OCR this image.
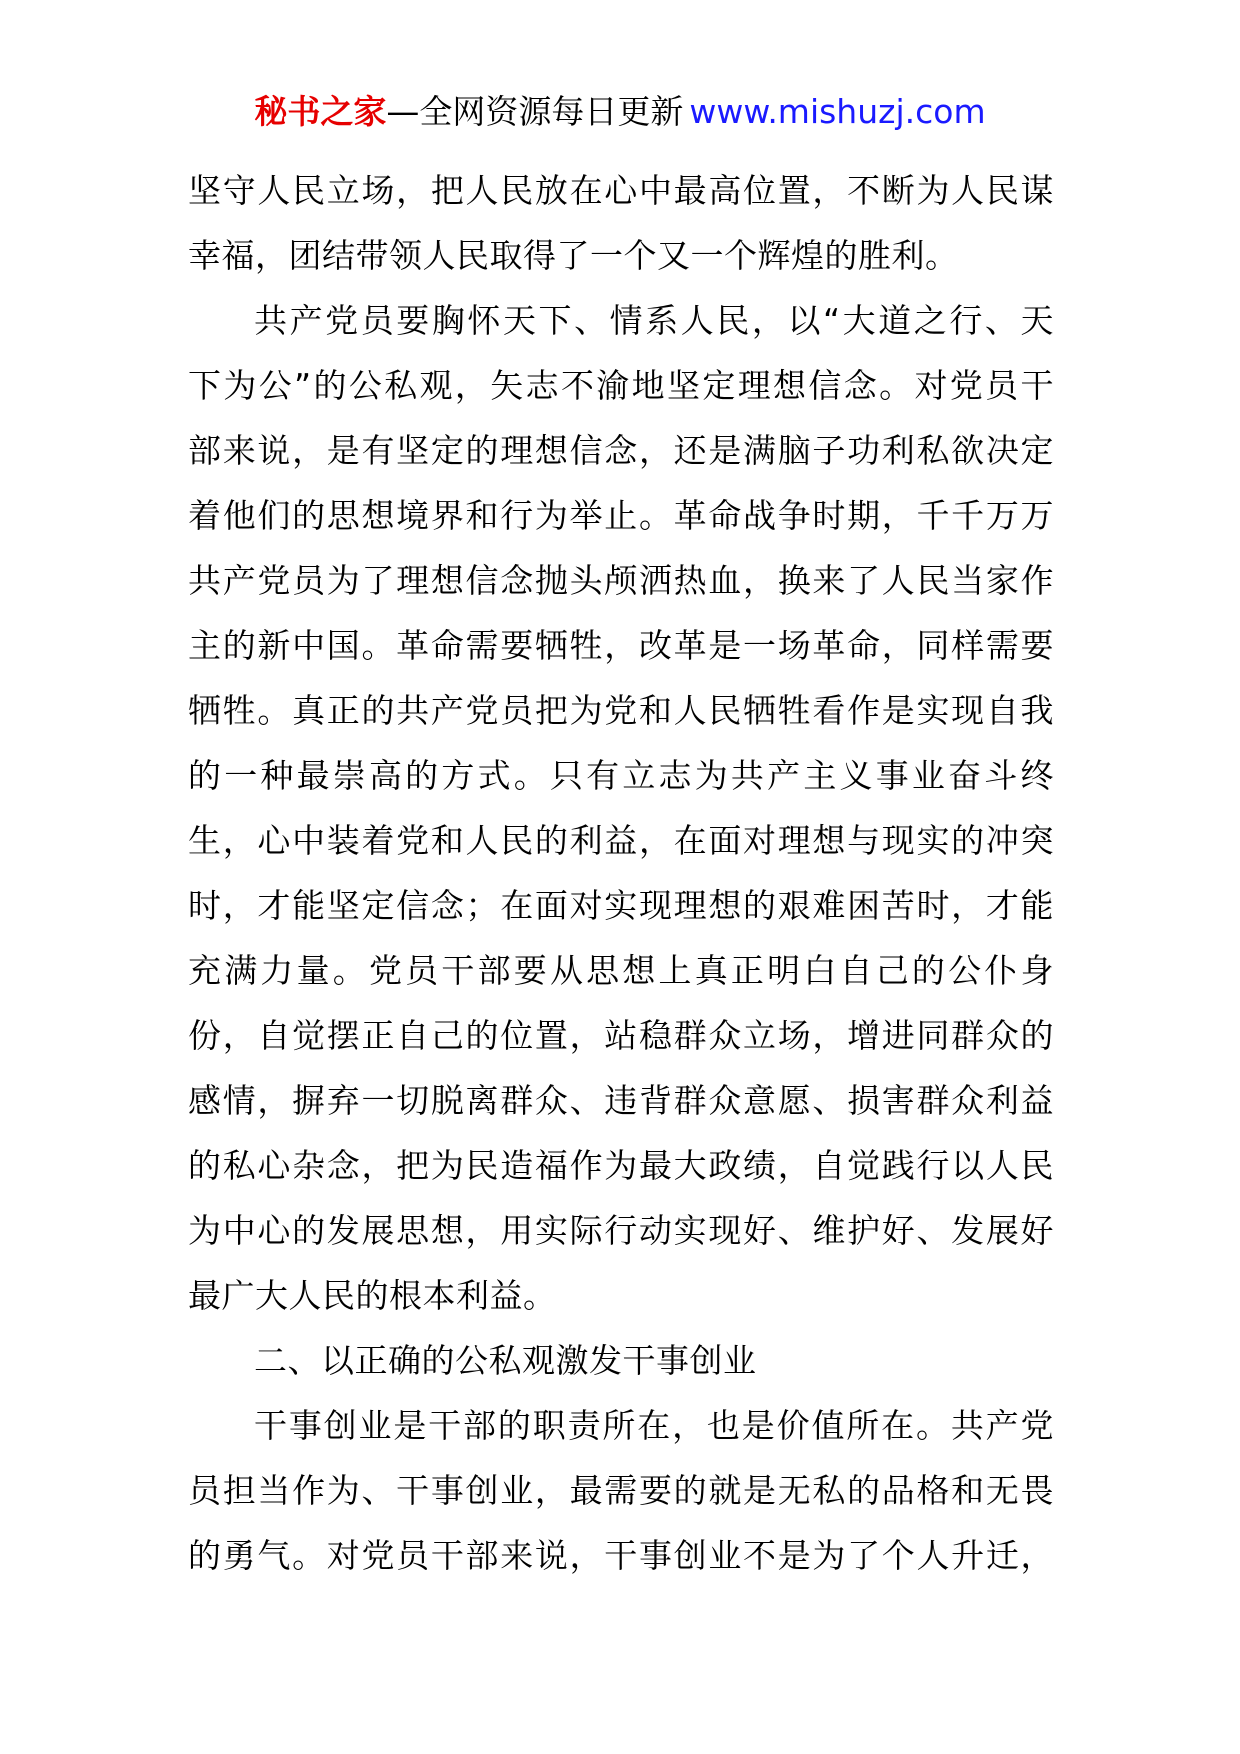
秘书之家—全网资源每日更新 www.mishuzj.com
坚守人民立场，把人民放在心中最高位置，不断为人民谋
幸福，团结带领人民取得了一个又一个辉煌的胜利。
共产党员要胸怀天下、情系人民，以“大道之行、天
下为公”的公私观，矢志不渝地坚定理想信念。对党员干
部来说，是有坚定的理想信念，还是满脑子功利私欲决定
着他们的思想境界和行为举止。革命战争时期，千千万万
共产党员为了理想信念抛头颅洒热血，换来了人民当家作
主的新中国。革命需要牺牲，改革是一场革命，同样需要
牺牲。真正的共产党员把为党和人民牺牲看作是实现自我
的一种最崇高的方式。只有立志为共产主义事业奋斗终
生，心中装着党和人民的利益，在面对理想与现实的冲突
时，才能坚定信念；在面对实现理想的艰难困苦时，才能
充满力量。党员干部要从思想上真正明白自己的公仆身
份，自觉摆正自己的位置，站稳群众立场，增进同群众的
感情，摒弃一切脱离群众、违背群众意愿、损害群众利益
的私心杂念，把为民造福作为最大政绩，自觉践行以人民
为中心的发展思想，用实际行动实现好、维护好、发展好
最广大人民的根本利益。
二、以正确的公私观激发干事创业
干事创业是干部的职责所在，也是价值所在。共产党
员担当作为、干事创业，最需要的就是无私的品格和无畏
的勇气。对党员干部来说，干事创业不是为了个人升迁，
